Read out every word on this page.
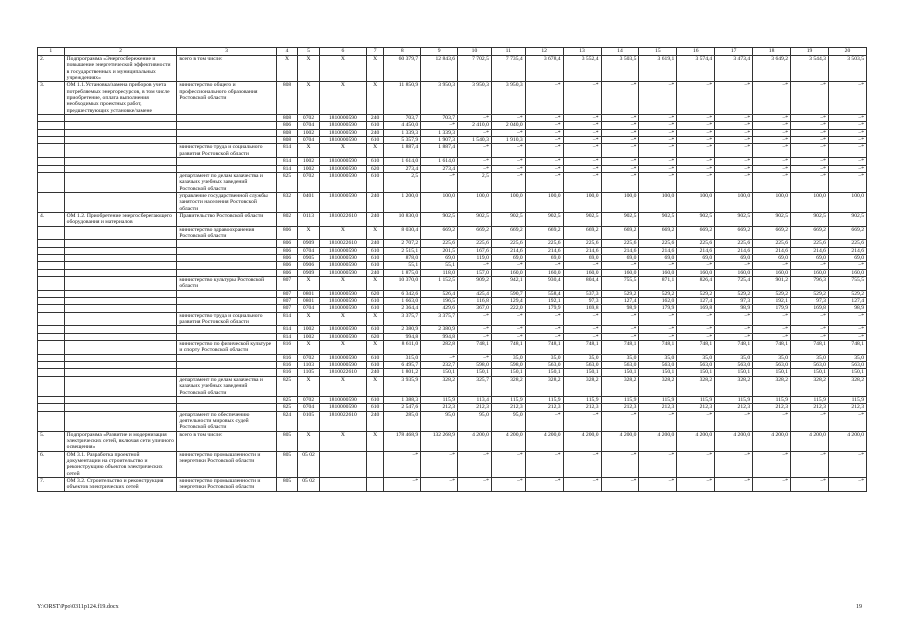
1	2	3	4	5	6	7	8	9	10	11	12	13	14	15	16	17	18	19	20
2.	Подпрограмма «Энергосбережение и повышение энергетической эффективности в государственных и муниципальных учреждениях»	всего в том числе:	Х	Х	Х	Х	60 379,7	12 843,6	7 702,5	7 735,4	3 678,4	3 552,4	3 503,5	3 619,1	3 574,4	3 473,4	3 649,2	3 544,3	3 503,5
3.	ОМ 1.1.Установка/замена приборов учета потребляемых энергоресурсов, в том числе приобретение, оплата выполнения необходимых проектных работ, предшествующих установке/замене	министерство общего и профессионального образования Ростовской области	808	Х	Х	Х	11 850,9	3 950,3	3 950,3	3 950,3	–*	–*	–*	–*	–*	–*	–*	–*	–*
			808	0702	1810000590	240	703,7	703,7	–*	–*	–*	–*	–*	–*	–*	–*	–*	–*	–*
			806	0704	1810000590	610	4 450,0	–*	2 410,0	2 040,0	–*	–*	–*	–*	–*	–*	–*	–*	–*
			808	1002	1810000590	240	1 339,3	1 339,3	–*	–*	–*	–*	–*	–*	–*	–*	–*	–*	–*
			808	0704	1810000590	610	5 357,9	1 907,3	1 540,3	1 910,3	–*	–*	–*	–*	–*	–*	–*	–*	–*
		министерство труда и социального развития Ростовской области	814	Х	Х	Х	1 887,4	1 887,4	–*	–*	–*	–*	–*	–*	–*	–*	–*	–*	–*
			814	1002	1810000590	610	1 614,0	1 614,0	–*	–*	–*	–*	–*	–*	–*	–*	–*	–*	–*
			814	1002	1810000590	620	273,4	273,4	–*	–*	–*	–*	–*	–*	–*	–*	–*	–*	–*
		департамент по делам казачества и казачьих учебных заведений Ростовской области	825	0702	1810000590	610	2,5	–*	2,5	–*	–*	–*	–*	–*	–*	–*	–*	–*	–*
		управление государственной службы занятости населения Ростовской области	832	0401	1810000590	240	1 200,0	100,0	100,0	100,0	100,0	100,0	100,0	100,0	100,0	100,0	100,0	100,0	100,0
4.	ОМ 1.2. Приобретение энергосберегающего оборудования и материалов	Правительство Ростовской области	802	0113	1810022610	240	10 830,0	902,5	902,5	902,5	902,5	902,5	902,5	902,5	902,5	902,5	902,5	902,5	902,5
		министерство здравоохранения Ростовской области	806	Х	Х	Х	8 030,4	669,2	669,2	669,2	669,2	669,2	669,2	669,2	669,2	669,2	669,2	669,2	669,2
			806	0909	1810022610	240	2 707,2	225,6	225,6	225,6	225,6	225,6	225,6	225,6	225,6	225,6	225,6	225,6	225,6
			806	0704	1810000590	610	2 515,1	201,5	167,6	214,6	214,6	214,6	214,6	214,6	214,6	214,6	214,6	214,6	214,6
			806	0905	1810000590	610	878,0	69,0	119,0	69,0	69,0	69,0	69,0	69,0	69,0	69,0	69,0	69,0	69,0
			806	0906	1810000590	610	55,1	55,1	–*	–*	–*	–*	–*	–*	–*	–*	–*	–*	–*
			806	0909	1810000590	240	1 875,0	118,0	157,0	160,0	160,0	160,0	160,0	160,0	160,0	160,0	160,0	160,0	160,0
		министерство культуры Ростовской области	807	Х	Х	Х	10 370,0	1 152,5	909,2	942,1	930,4	804,4	755,5	871,1	826,4	725,4	901,2	796,3	755,5
			807	0801	1810000590	620	6 342,6	526,4	425,4	590,7	558,4	537,3	529,2	529,2	529,2	529,2	529,2	529,2	529,2
			807	0801	1810000590	610	1 663,0	196,5	116,8	129,4	192,1	97,3	127,4	162,0	127,4	97,3	192,1	97,3	127,4
			807	0704	1810000590	610	2 364,4	429,6	367,0	222,0	179,9	169,8	98,9	179,9	169,8	98,9	179,9	169,8	98,9
		министерство труда и социального развития Ростовской области	814	Х	Х	Х	3 375,7	3 375,7	–*	–*	–*	–*	–*	–*	–*	–*	–*	–*	–*
			814	1002	1810000590	610	2 380,9	2 380,9	–*	–*	–*	–*	–*	–*	–*	–*	–*	–*	–*
			814	1002	1810000590	620	994,8	994,8	–*	–*	–*	–*	–*	–*	–*	–*	–*	–*	–*
		министерство по физической культуре и спорту Ростовской области	816	Х	Х	Х	8 611,0	282,8	748,1	748,1	748,1	748,1	748,1	748,1	748,1	748,1	748,1	748,1	748,1
			816	0702	1810000590	610	315,0	–*	–*	35,0	35,0	35,0	35,0	35,0	35,0	35,0	35,0	35,0	35,0
			816	1103	1810000590	610	6 495,7	232,7	598,0	598,0	563,0	563,0	563,0	563,0	563,0	563,0	563,0	563,0	563,0
			816	1105	1810022610	240	1 801,2	150,1	150,1	150,1	150,1	150,1	150,1	150,1	150,1	150,1	150,1	150,1	150,1
		департамент по делам казачества и казачьих учебных заведений Ростовской области	825	Х	Х	Х	3 935,9	328,2	325,7	328,2	328,2	328,2	328,2	328,2	328,2	328,2	328,2	328,2	328,2
			825	0702	1810000590	610	1 388,3	115,9	113,4	115,9	115,9	115,9	115,9	115,9	115,9	115,9	115,9	115,9	115,9
			825	0704	1810000590	610	2 547,6	212,3	212,3	212,3	212,3	212,3	212,3	212,3	212,3	212,3	212,3	212,3	212,3
		департамент по обеспечению деятельности мировых судей Ростовской области	824	0105	1810022610	240	285,0	95,0	95,0	95,0	–*	–*	–*	–*	–*	–*	–*	–*	–*
5.	Подпрограмма «Развитие и модернизация электрических сетей, включая сети уличного освещения»	всего в том числе:	805	Х	Х	Х	178 468,9	132 268,9	4 200,0	4 200,0	4 200,0	4 200,0	4 200,0	4 200,0	4 200,0	4 200,0	4 200,0	4 200,0	4 200,0
6.	ОМ 3.1. Разработка проектной документации на строительство и реконструкцию объектов электрических сетей	министерство промышленности и энергетики Ростовской области	805	05 02			–*	–*	–*	–*	–*	–*	–*	–*	–*	–*	–*	–*	–*
7.	ОМ 3.2. Строительство и реконструкция объектов электрических сетей	министерство промышленности и энергетики Ростовской области	805	05 02			–*	–*	–*	–*	–*	–*	–*	–*	–*	–*	–*	–*	–*
Y:\ORST\Ppo\0311p124.f19.docx	19
